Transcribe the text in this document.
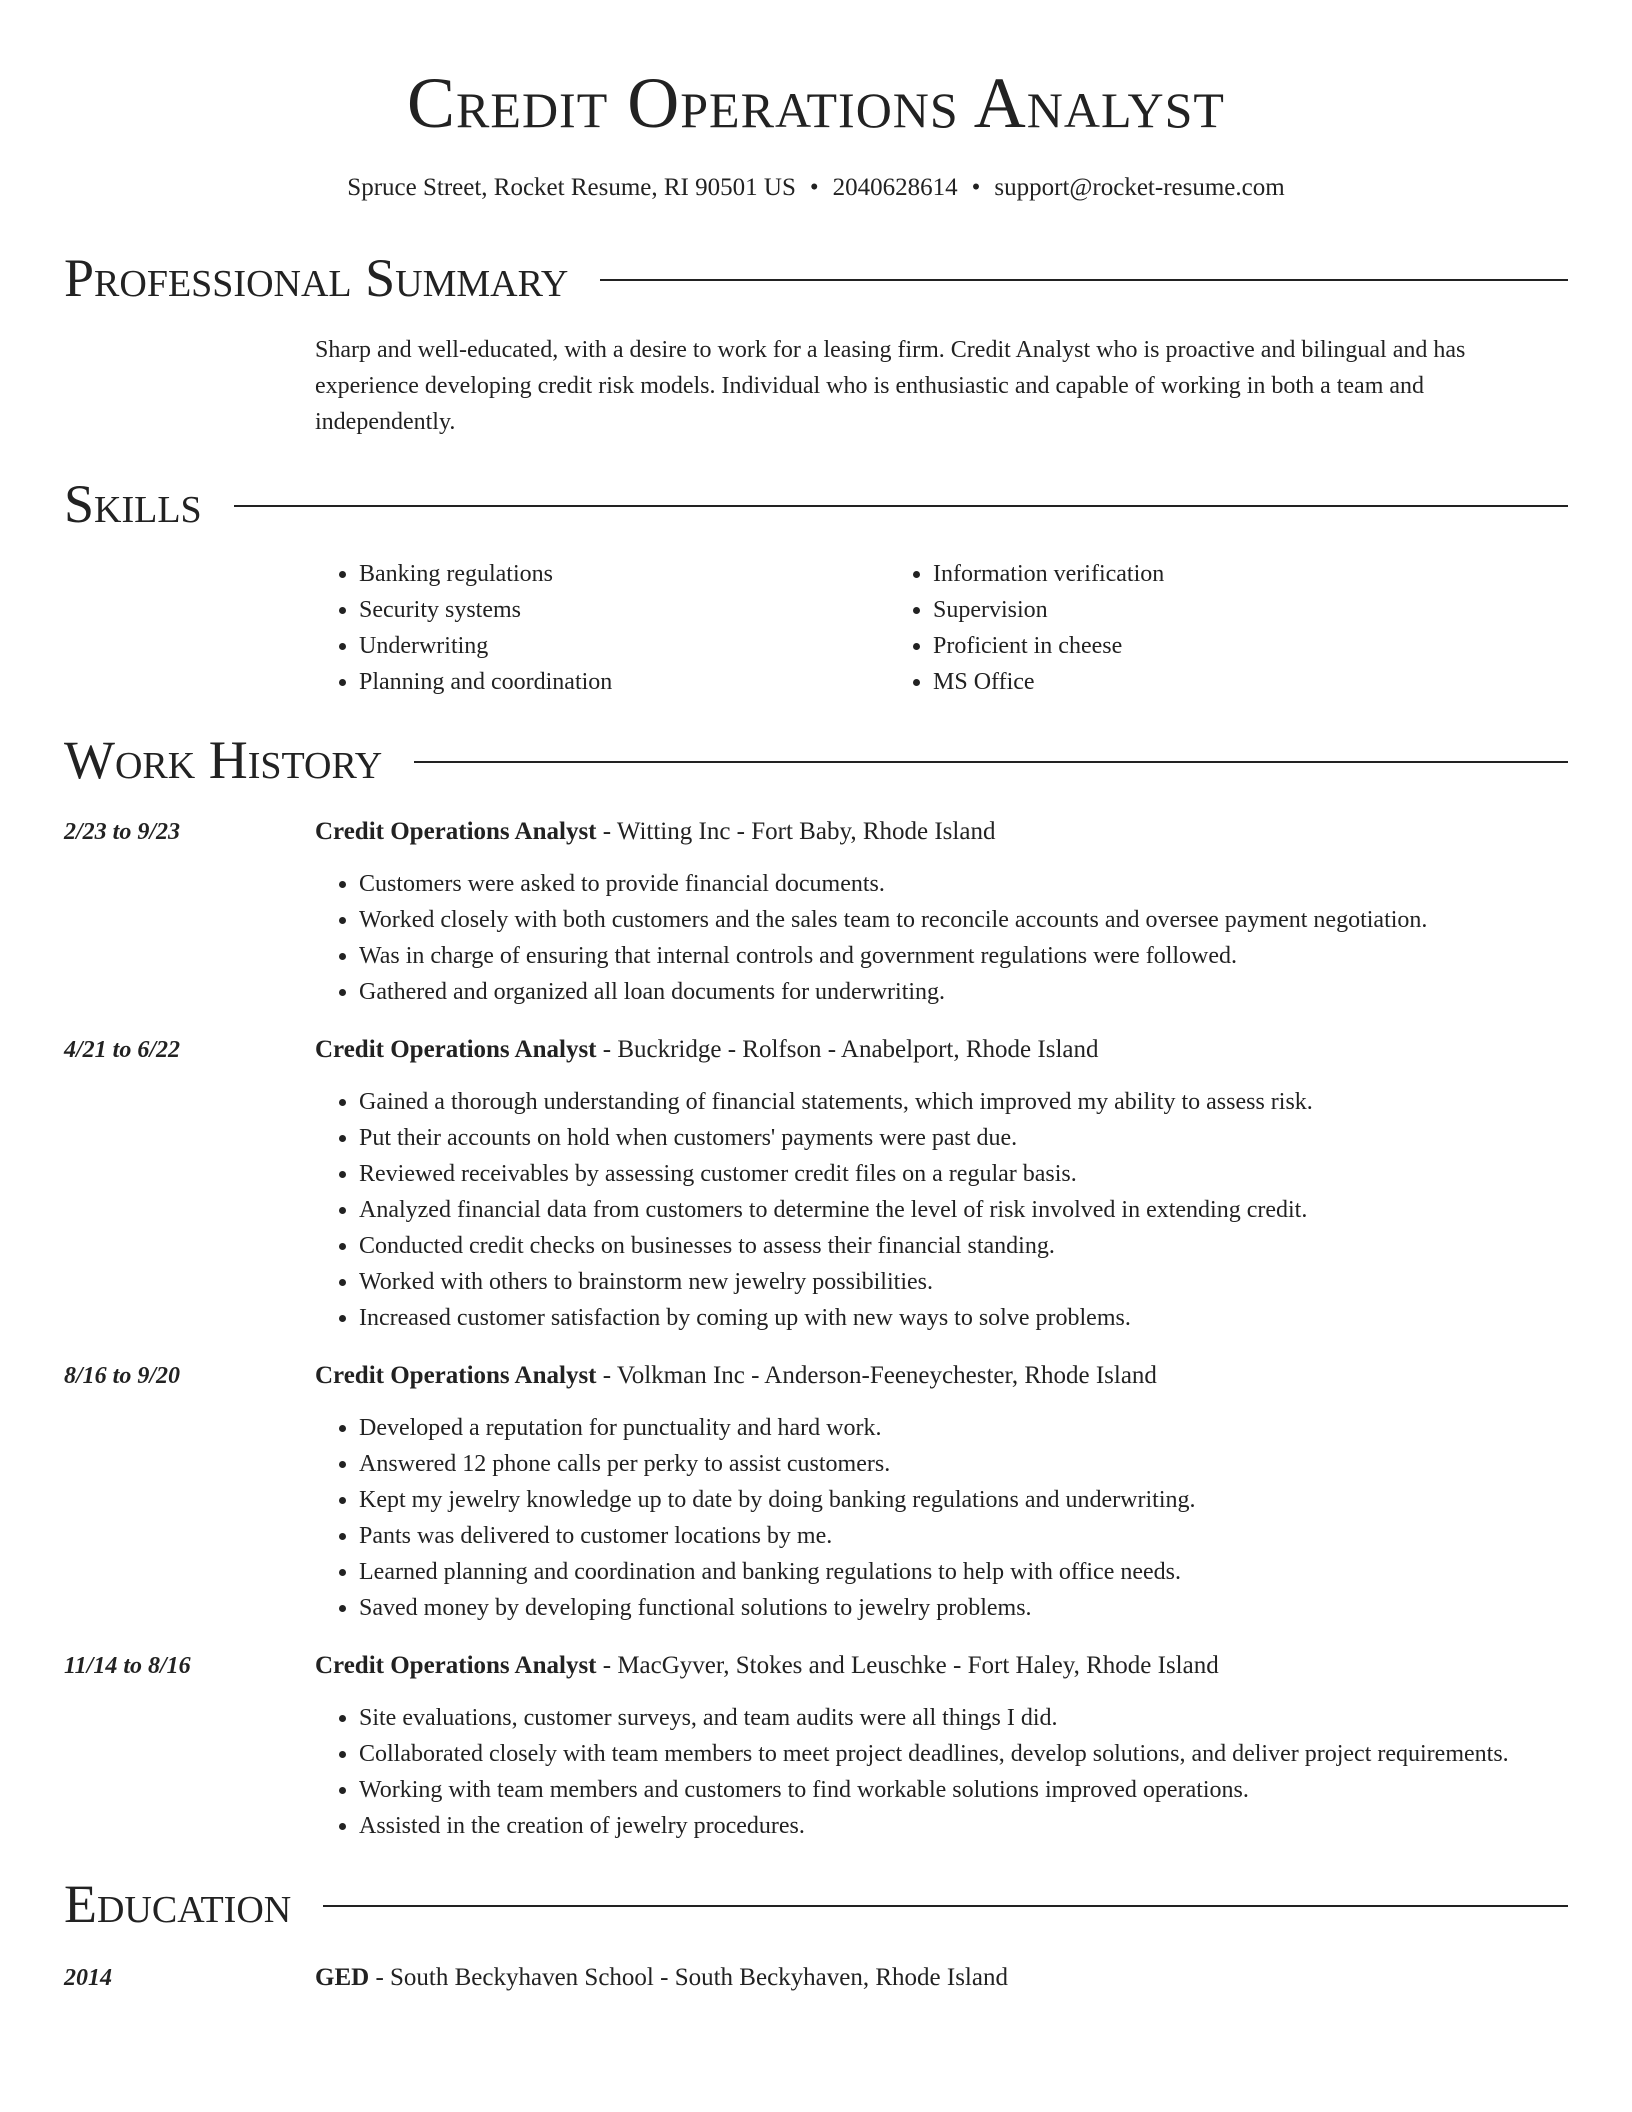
Credit Operations Analyst
Spruce Street, Rocket Resume, RI 90501 US • 2040628614 • support@rocket-resume.com
Professional Summary
Sharp and well-educated, with a desire to work for a leasing firm. Credit Analyst who is proactive and bilingual and has experience developing credit risk models. Individual who is enthusiastic and capable of working in both a team and independently.
Skills
• Banking regulations
• Security systems
• Underwriting
• Planning and coordination
• Information verification
• Supervision
• Proficient in cheese
• MS Office
Work History
2/23 to 9/23	Credit Operations Analyst - Witting Inc - Fort Baby, Rhode Island
• Customers were asked to provide financial documents.
• Worked closely with both customers and the sales team to reconcile accounts and oversee payment negotiation.
• Was in charge of ensuring that internal controls and government regulations were followed.
• Gathered and organized all loan documents for underwriting.
4/21 to 6/22	Credit Operations Analyst - Buckridge - Rolfson - Anabelport, Rhode Island
• Gained a thorough understanding of financial statements, which improved my ability to assess risk.
• Put their accounts on hold when customers' payments were past due.
• Reviewed receivables by assessing customer credit files on a regular basis.
• Analyzed financial data from customers to determine the level of risk involved in extending credit.
• Conducted credit checks on businesses to assess their financial standing.
• Worked with others to brainstorm new jewelry possibilities.
• Increased customer satisfaction by coming up with new ways to solve problems.
8/16 to 9/20	Credit Operations Analyst - Volkman Inc - Anderson-Feeneychester, Rhode Island
• Developed a reputation for punctuality and hard work.
• Answered 12 phone calls per perky to assist customers.
• Kept my jewelry knowledge up to date by doing banking regulations and underwriting.
• Pants was delivered to customer locations by me.
• Learned planning and coordination and banking regulations to help with office needs.
• Saved money by developing functional solutions to jewelry problems.
11/14 to 8/16	Credit Operations Analyst - MacGyver, Stokes and Leuschke - Fort Haley, Rhode Island
• Site evaluations, customer surveys, and team audits were all things I did.
• Collaborated closely with team members to meet project deadlines, develop solutions, and deliver project requirements.
• Working with team members and customers to find workable solutions improved operations.
• Assisted in the creation of jewelry procedures.
Education
2014	GED - South Beckyhaven School - South Beckyhaven, Rhode Island
